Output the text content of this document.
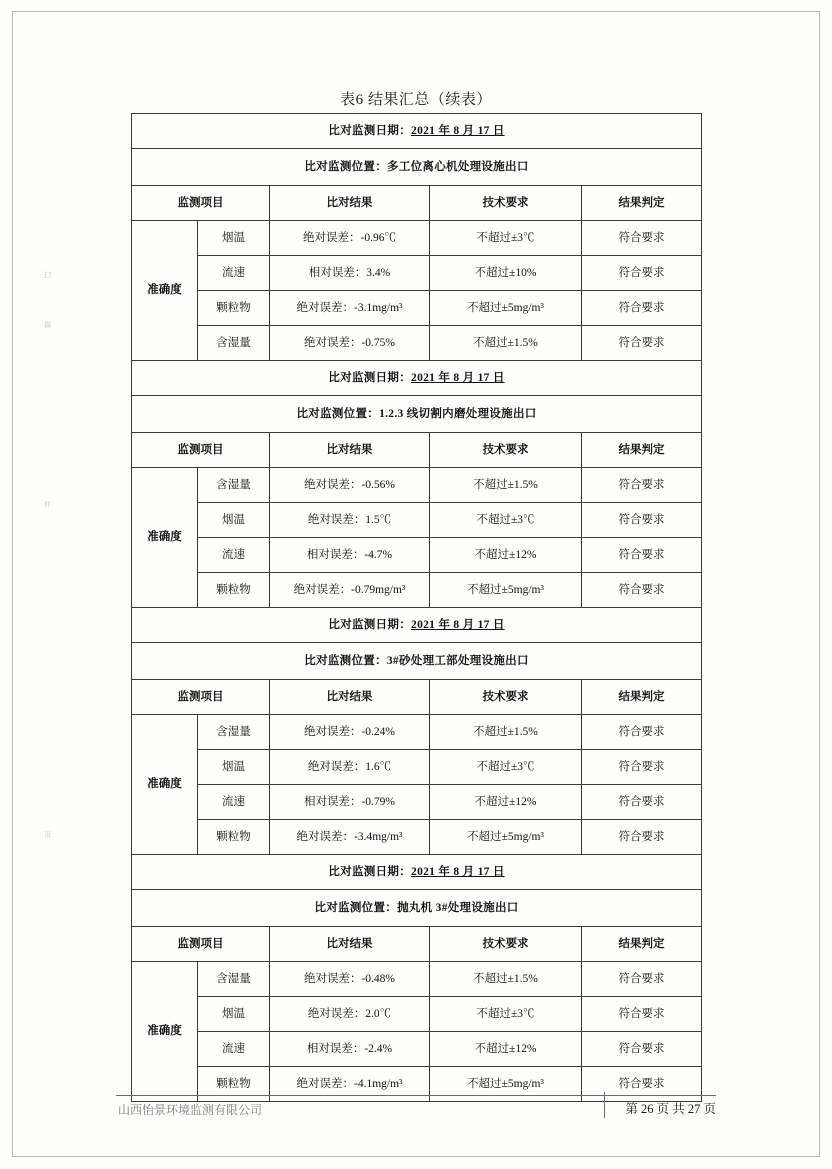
表6 结果汇总（续表）
比对监测日期：2021 年 8 月 17 日				
比对监测位置：多工位离心机处理设施出口				
监测项目		比对结果	技术要求	结果判定
准确度	烟温	绝对误差：-0.96℃	不超过±3℃	符合要求
	流速	相对误差：3.4%	不超过±10%	符合要求
	颗粒物	绝对误差：-3.1mg/m³	不超过±5mg/m³	符合要求
	含湿量	绝对误差：-0.75%	不超过±1.5%	符合要求
比对监测日期：2021 年 8 月 17 日				
比对监测位置：1.2.3 线切割内磨处理设施出口				
监测项目		比对结果	技术要求	结果判定
准确度	含湿量	绝对误差：-0.56%	不超过±1.5%	符合要求
	烟温	绝对误差：1.5℃	不超过±3℃	符合要求
	流速	相对误差：-4.7%	不超过±12%	符合要求
	颗粒物	绝对误差：-0.79mg/m³	不超过±5mg/m³	符合要求
比对监测日期：2021 年 8 月 17 日				
比对监测位置：3#砂处理工部处理设施出口				
监测项目		比对结果	技术要求	结果判定
准确度	含湿量	绝对误差：-0.24%	不超过±1.5%	符合要求
	烟温	绝对误差：1.6℃	不超过±3℃	符合要求
	流速	相对误差：-0.79%	不超过±12%	符合要求
	颗粒物	绝对误差：-3.4mg/m³	不超过±5mg/m³	符合要求
比对监测日期：2021 年 8 月 17 日				
比对监测位置：抛丸机 3#处理设施出口				
监测项目		比对结果	技术要求	结果判定
准确度	含湿量	绝对误差：-0.48%	不超过±1.5%	符合要求
	烟温	绝对误差：2.0℃	不超过±3℃	符合要求
	流速	相对误差：-2.4%	不超过±12%	符合要求
	颗粒物	绝对误差：-4.1mg/m³	不超过±5mg/m³	符合要求
山西怡景环境监测有限公司	第 26 页 共 27 页
扫
描
件
页
